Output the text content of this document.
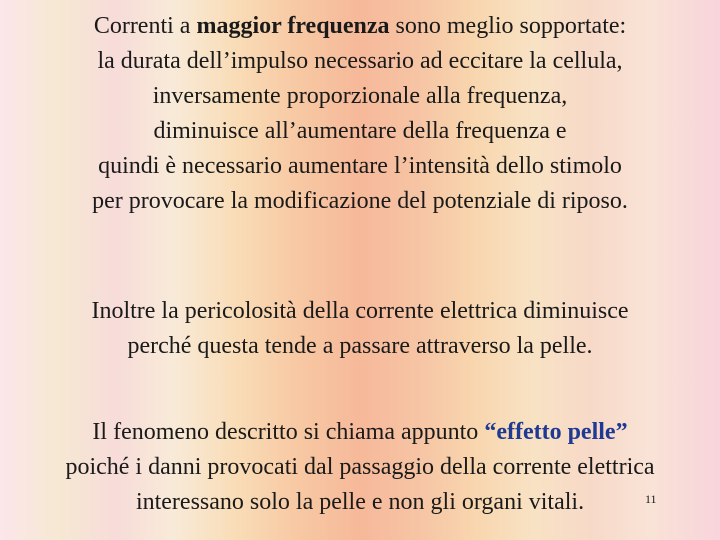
Correnti a maggior frequenza sono meglio sopportate:
la durata dell’impulso necessario ad eccitare la cellula,
inversamente proporzionale alla frequenza,
diminuisce all’aumentare della frequenza e
quindi è necessario aumentare l’intensità dello stimolo
per provocare la modificazione del potenziale di riposo.

Inoltre la pericolosità della corrente elettrica diminuisce
perché questa tende a passare attraverso la pelle.

Il fenomeno descritto si chiama appunto “effetto pelle”
poiché i danni provocati dal passaggio della corrente elettrica
interessano solo la pelle e non gli organi vitali.	11
